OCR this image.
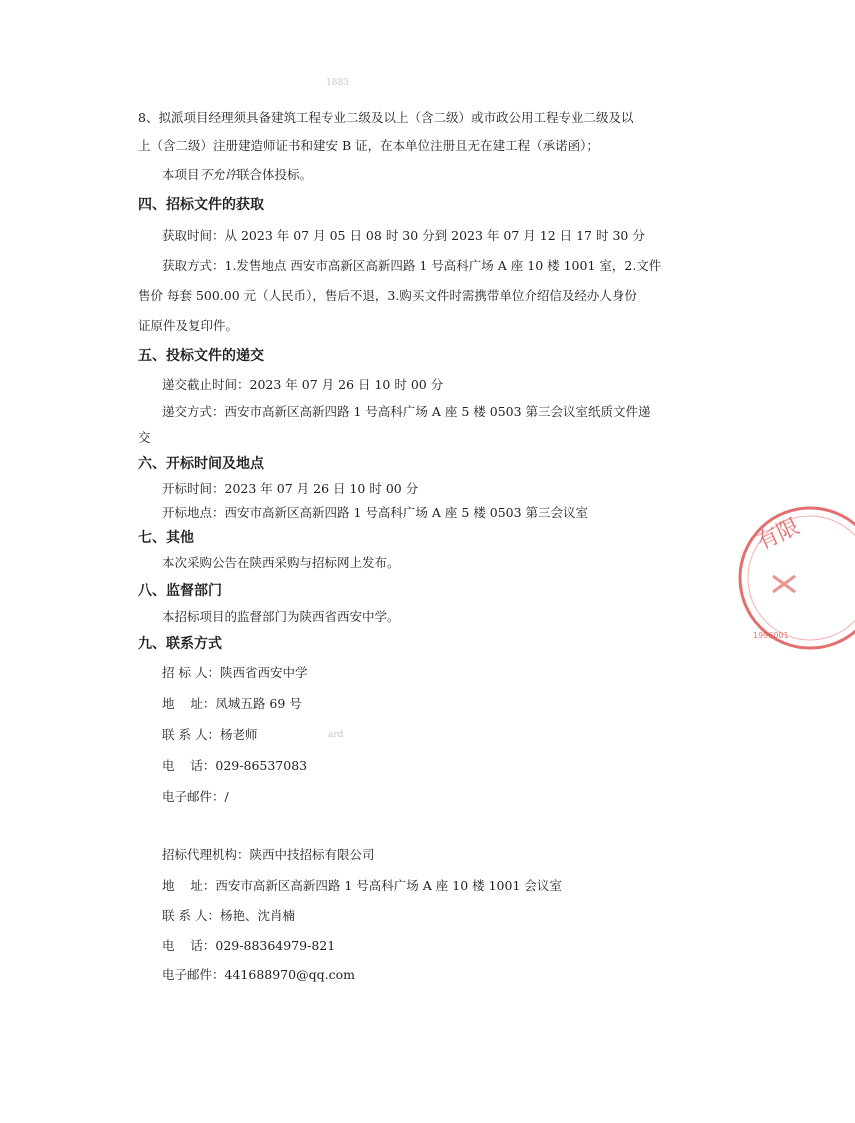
1883
8、拟派项目经理须具备建筑工程专业二级及以上（含二级）或市政公用工程专业二级及以
上（含二级）注册建造师证书和建安 B 证，在本单位注册且无在建工程（承诺函）；
本项目不允许联合体投标。
四、招标文件的获取
获取时间：从 2023 年 07 月 05 日 08 时 30 分到 2023 年 07 月 12 日 17 时 30 分
获取方式：1.发售地点 西安市高新区高新四路 1 号高科广场 A 座 10 楼 1001 室，2.文件
售价 每套 500.00 元（人民币），售后不退，3.购买文件时需携带单位介绍信及经办人身份
证原件及复印件。
五、投标文件的递交
递交截止时间：2023 年 07 月 26 日 10 时 00 分
递交方式：西安市高新区高新四路 1 号高科广场 A 座 5 楼 0503 第三会议室纸质文件递
交
六、开标时间及地点
开标时间：2023 年 07 月 26 日 10 时 00 分
开标地点：西安市高新区高新四路 1 号高科广场 A 座 5 楼 0503 第三会议室
七、其他
本次采购公告在陕西采购与招标网上发布。
八、监督部门
本招标项目的监督部门为陕西省西安中学。
九、联系方式
招 标 人：陕西省西安中学
地    址：凤城五路 69 号
联 系 人：杨老师	ard
电    话：029-86537083
电子邮件：/
招标代理机构：陕西中技招标有限公司
地    址：西安市高新区高新四路 1 号高科广场 A 座 10 楼 1001 会议室
联 系 人：杨艳、沈肖楠
电    话：029-88364979-821
电子邮件：441688970@qq.com
有限
1996001
